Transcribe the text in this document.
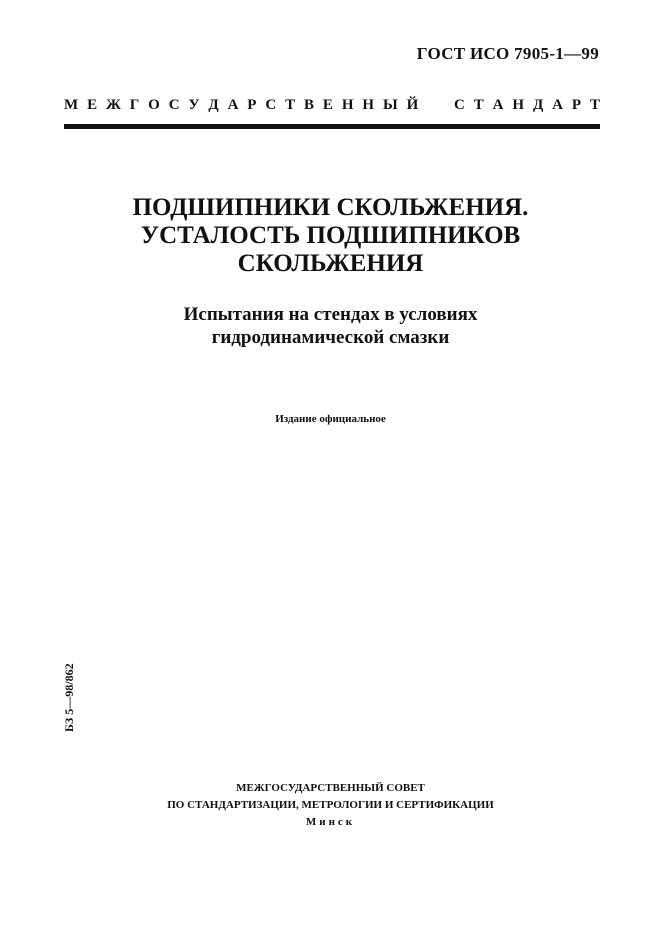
ГОСТ ИСО 7905-1—99
М Е Ж Г О С У Д А Р С Т В Е Н Н Ы Й С Т А Н Д А Р Т
ПОДШИПНИКИ СКОЛЬЖЕНИЯ.
УСТАЛОСТЬ ПОДШИПНИКОВ
СКОЛЬЖЕНИЯ
Испытания на стендах в условиях
гидродинамической смазки
Издание официальное
БЗ 5—98/862
МЕЖГОСУДАРСТВЕННЫЙ СОВЕТ
ПО СТАНДАРТИЗАЦИИ, МЕТРОЛОГИИ И СЕРТИФИКАЦИИ
Минск
